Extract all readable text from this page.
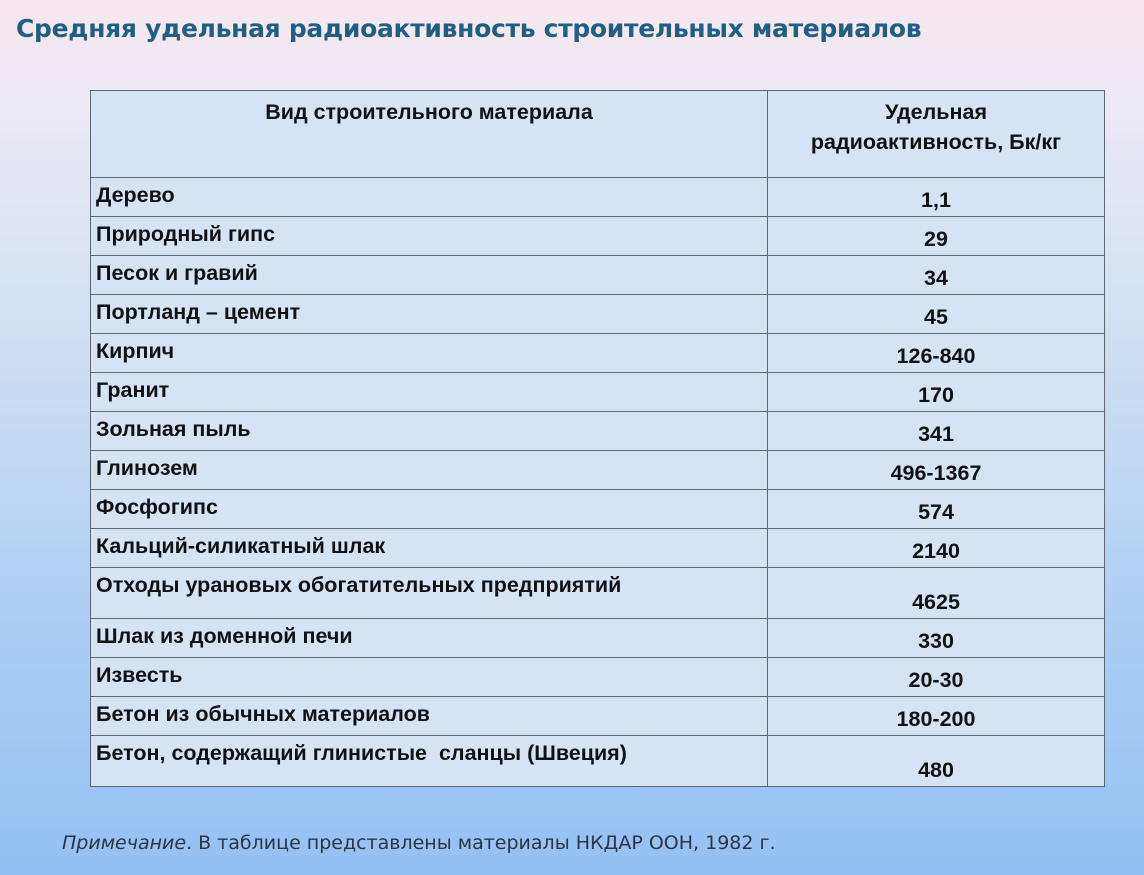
Средняя удельная радиоактивность строительных материалов
Вид строительного материала	Удельная
радиоактивность, Бк/кг
Дерево	1,1
Природный гипс	29
Песок и гравий	34
Портланд – цемент	45
Кирпич	126-840
Гранит	170
Зольная пыль	341
Глинозем	496-1367
Фосфогипс	574
Кальций-силикатный шлак	2140
Отходы урановых обогатительных предприятий	4625
Шлак из доменной печи	330
Известь	20-30
Бетон из обычных материалов	180-200
Бетон, содержащий глинистые  сланцы (Швеция)	480
Примечание. В таблице представлены материалы НКДАР ООН, 1982 г.
